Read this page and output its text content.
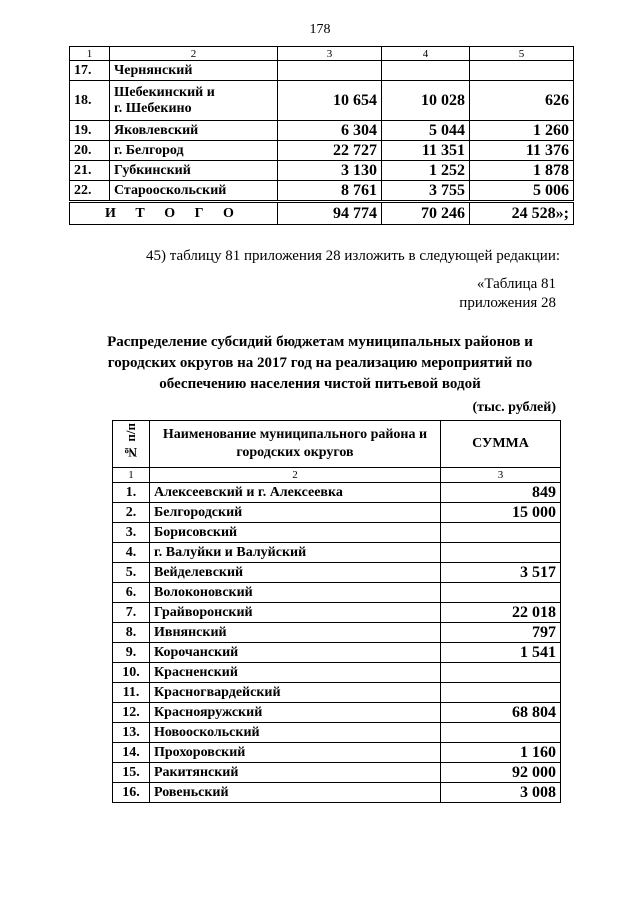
178
1	2	3	4	5
17.	Чернянский			
18.	Шебекинский и
г. Шебекино	10 654	10 028	626
19.	Яковлевский	6 304	5 044	1 260
20.	г. Белгород	22 727	11 351	11 376
21.	Губкинский	3 130	1 252	1 878
22.	Старооскольский	8 761	3 755	5 006
И Т О Г О		94 774	70 246	24 528»;
45) таблицу 81 приложения 28 изложить в следующей редакции:
«Таблица 81
приложения 28
Распределение субсидий бюджетам муниципальных районов и
городских округов на 2017 год на реализацию мероприятий по
обеспечению населения чистой питьевой водой
(тыс. рублей)
№ п/п	Наименование муниципального района и городских округов	СУММА
1	2	3
1.	Алексеевский и г. Алексеевка	849
2.	Белгородский	15 000
3.	Борисовский	
4.	г. Валуйки и Валуйский	
5.	Вейделевский	3 517
6.	Волоконовский	
7.	Грайворонский	22 018
8.	Ивнянский	797
9.	Корочанский	1 541
10.	Красненский	
11.	Красногвардейский	
12.	Краснояружский	68 804
13.	Новооскольский	
14.	Прохоровский	1 160
15.	Ракитянский	92 000
16.	Ровеньский	3 008
